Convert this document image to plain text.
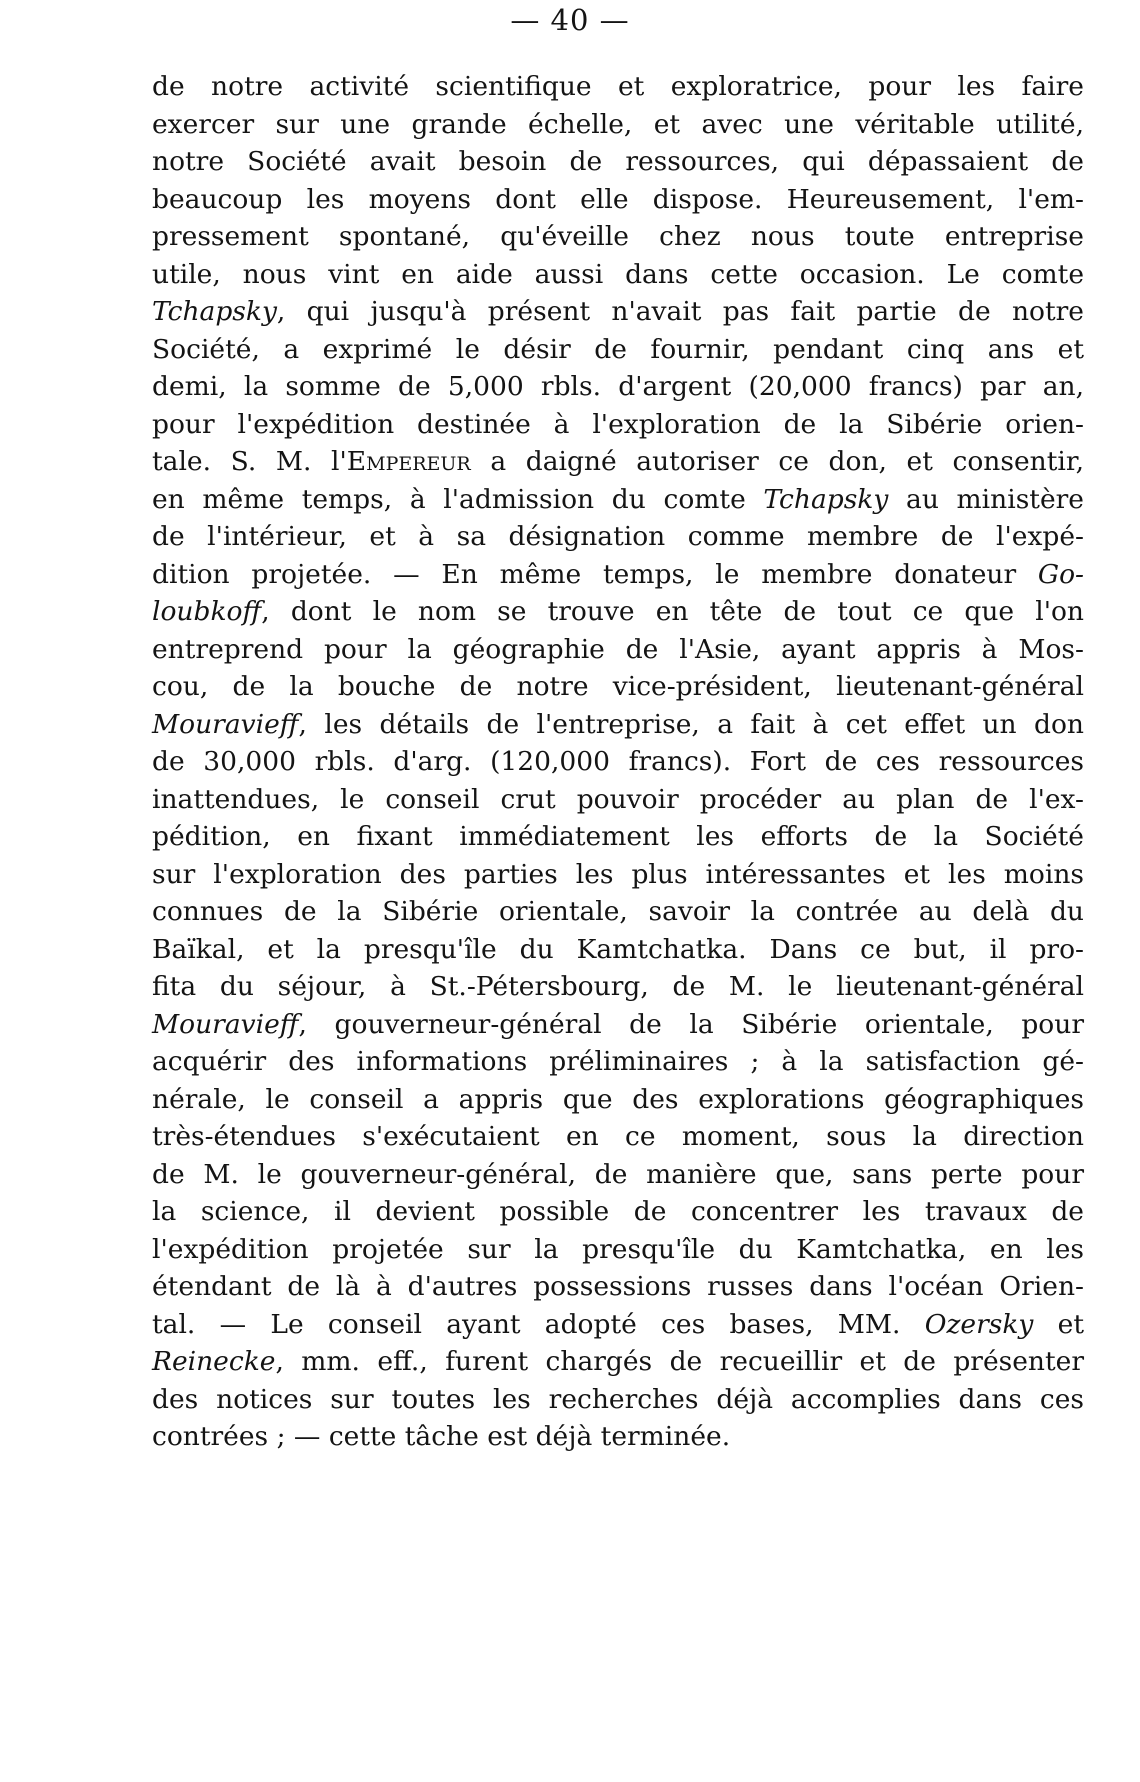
— 40 —
de notre activité scientifique et exploratrice, pour les faire
exercer sur une grande échelle, et avec une véritable utilité,
notre Société avait besoin de ressources, qui dépassaient de
beaucoup les moyens dont elle dispose. Heureusement, l'em-
pressement spontané, qu'éveille chez nous toute entreprise
utile, nous vint en aide aussi dans cette occasion. Le comte
Tchapsky, qui jusqu'à présent n'avait pas fait partie de notre
Société, a exprimé le désir de fournir, pendant cinq ans et
demi, la somme de 5,000 rbls. d'argent (20,000 francs) par an,
pour l'expédition destinée à l'exploration de la Sibérie orien-
tale. S. M. l'Empereur a daigné autoriser ce don, et consentir,
en même temps, à l'admission du comte Tchapsky au ministère
de l'intérieur, et à sa désignation comme membre de l'expé-
dition projetée. — En même temps, le membre donateur Go-
loubkoff, dont le nom se trouve en tête de tout ce que l'on
entreprend pour la géographie de l'Asie, ayant appris à Mos-
cou, de la bouche de notre vice-président, lieutenant-général
Mouravieff, les détails de l'entreprise, a fait à cet effet un don
de 30,000 rbls. d'arg. (120,000 francs). Fort de ces ressources
inattendues, le conseil crut pouvoir procéder au plan de l'ex-
pédition, en fixant immédiatement les efforts de la Société
sur l'exploration des parties les plus intéressantes et les moins
connues de la Sibérie orientale, savoir la contrée au delà du
Baïkal, et la presqu'île du Kamtchatka. Dans ce but, il pro-
fita du séjour, à St.-Pétersbourg, de M. le lieutenant-général
Mouravieff, gouverneur-général de la Sibérie orientale, pour
acquérir des informations préliminaires ; à la satisfaction gé-
nérale, le conseil a appris que des explorations géographiques
très-étendues s'exécutaient en ce moment, sous la direction
de M. le gouverneur-général, de manière que, sans perte pour
la science, il devient possible de concentrer les travaux de
l'expédition projetée sur la presqu'île du Kamtchatka, en les
étendant de là à d'autres possessions russes dans l'océan Orien-
tal. — Le conseil ayant adopté ces bases, MM. Ozersky et
Reinecke, mm. eff., furent chargés de recueillir et de présenter
des notices sur toutes les recherches déjà accomplies dans ces
contrées ; — cette tâche est déjà terminée.
